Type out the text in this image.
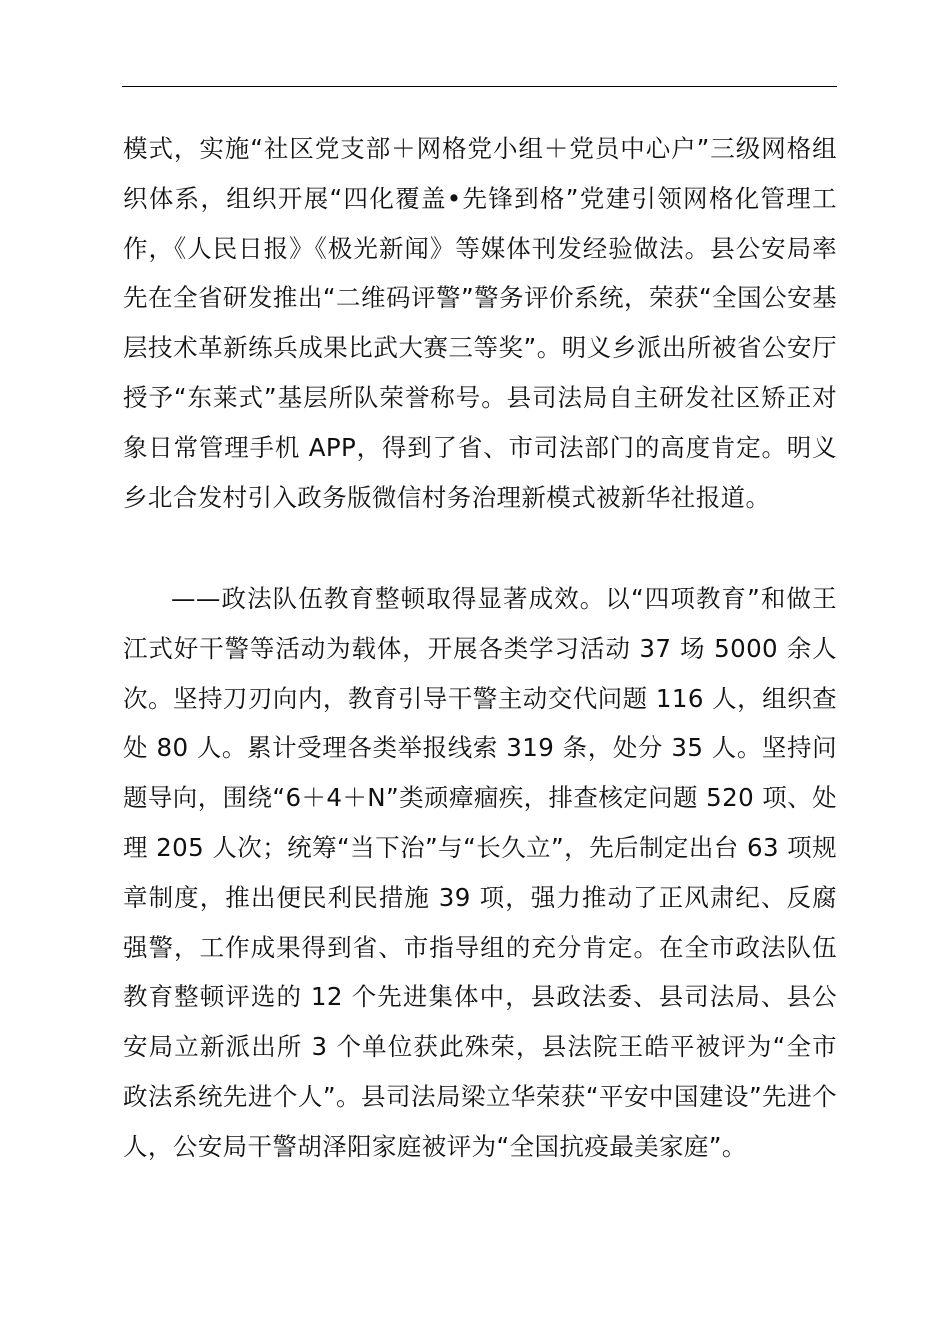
模式，实施“社区党支部＋网格党小组＋党员中心户”三级网格组织体系，组织开展“四化覆盖•先锋到格”党建引领网格化管理工作，《人民日报》《极光新闻》等媒体刊发经验做法。县公安局率先在全省研发推出“二维码评警”警务评价系统，荣获“全国公安基层技术革新练兵成果比武大赛三等奖”。明义乡派出所被省公安厅授予“东莱式”基层所队荣誉称号。县司法局自主研发社区矫正对象日常管理手机 APP，得到了省、市司法部门的高度肯定。明义乡北合发村引入政务版微信村务治理新模式被新华社报道。

——政法队伍教育整顿取得显著成效。以“四项教育”和做王江式好干警等活动为载体，开展各类学习活动 37 场 5000 余人次。坚持刀刃向内，教育引导干警主动交代问题 116 人，组织查处 80 人。累计受理各类举报线索 319 条，处分 35 人。坚持问题导向，围绕“6＋4＋N”类顽瘴痼疾，排查核定问题 520 项、处理 205 人次；统筹“当下治”与“长久立”，先后制定出台 63 项规章制度，推出便民利民措施 39 项，强力推动了正风肃纪、反腐强警，工作成果得到省、市指导组的充分肯定。在全市政法队伍教育整顿评选的 12 个先进集体中，县政法委、县司法局、县公安局立新派出所 3 个单位获此殊荣，县法院王皓平被评为“全市政法系统先进个人”。县司法局梁立华荣获“平安中国建设”先进个人，公安局干警胡泽阳家庭被评为“全国抗疫最美家庭”。
